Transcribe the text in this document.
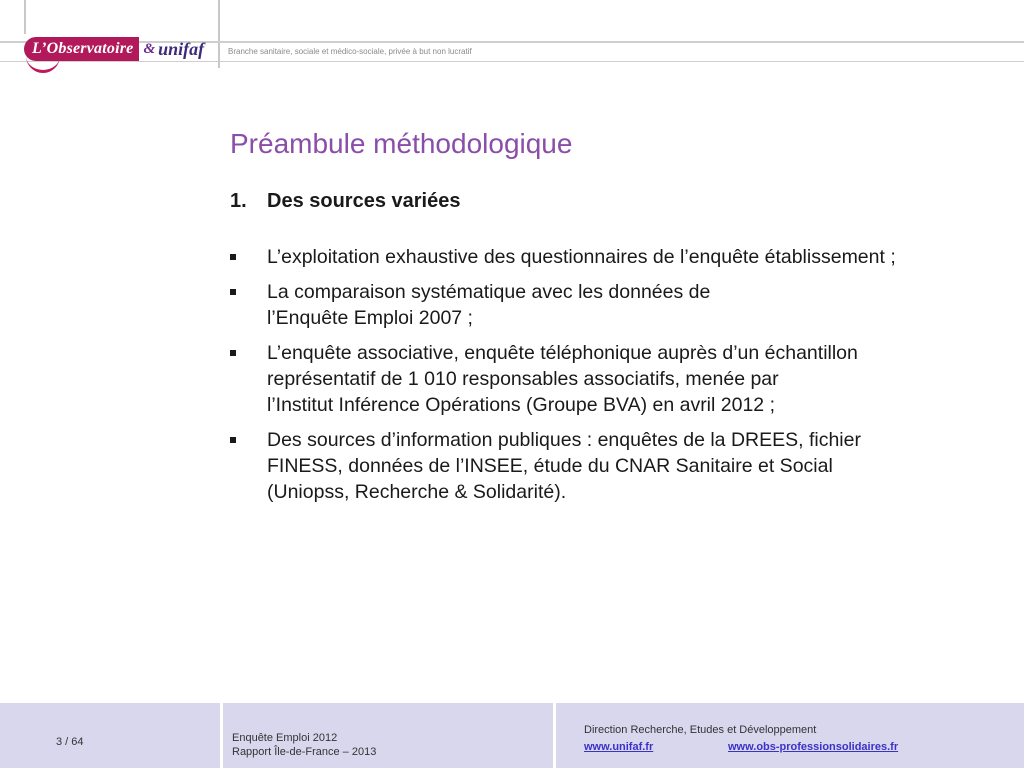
L’Observatoire & unifaf	Branche sanitaire, sociale et médico-sociale, privée à but non lucratif
Préambule méthodologique
1.	Des sources variées
L’exploitation exhaustive des questionnaires de l’enquête établissement ;
La comparaison systématique avec les données de
l’Enquête Emploi 2007 ;
L’enquête associative, enquête téléphonique auprès d’un échantillon
représentatif de 1 010 responsables associatifs, menée par
l’Institut Inférence Opérations (Groupe BVA) en avril 2012 ;
Des sources d’information publiques : enquêtes de la DREES, fichier
FINESS, données de l’INSEE, étude du CNAR Sanitaire et Social
(Uniopss, Recherche & Solidarité).
3 / 64	Enquête Emploi 2012
Rapport Île-de-France – 2013
Direction Recherche, Etudes et Développement
www.unifaf.fr	www.obs-professionsolidaires.fr
